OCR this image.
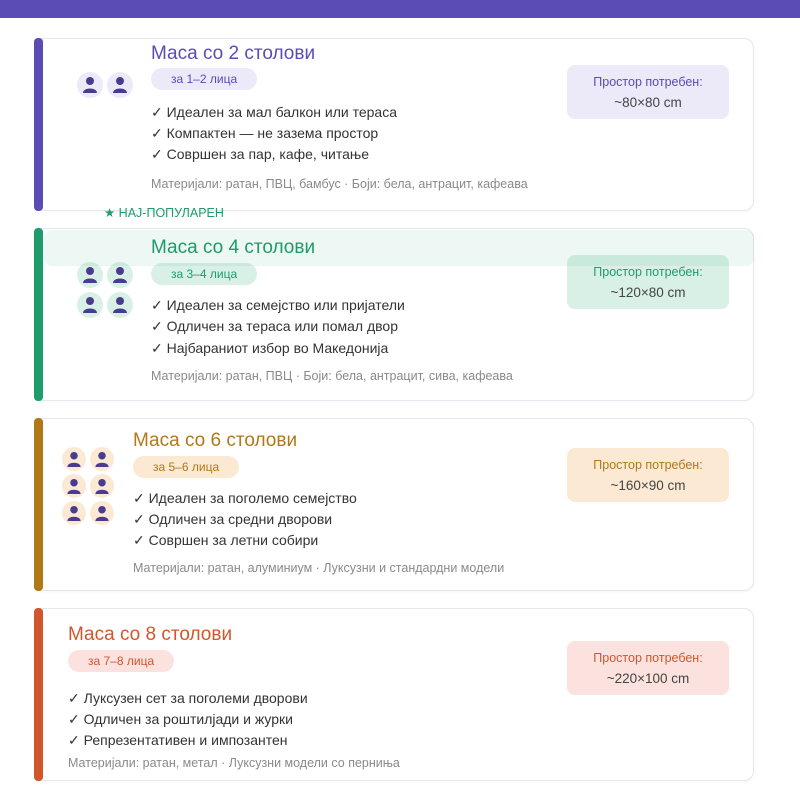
Маса со 2 столови
за 1–2 лица
✓ Идеален за мал балкон или тераса
✓ Компактен — не зазема простор
✓ Совршен за пар, кафе, читање
Материјали: ратан, ПВЦ, бамбус · Боји: бела, антрацит, кафеава
Простор потребен:
~80×80 cm
★ НАЈ-ПОПУЛАРЕН
Маса со 4 столови
за 3–4 лица
✓ Идеален за семејство или пријатели
✓ Одличен за тераса или помал двор
✓ Најбараниот избор во Македонија
Материјали: ратан, ПВЦ · Боји: бела, антрацит, сива, кафеава
Простор потребен:
~120×80 cm
Маса со 6 столови
за 5–6 лица
✓ Идеален за поголемо семејство
✓ Одличен за средни дворови
✓ Совршен за летни собири
Материјали: ратан, алуминиум · Луксузни и стандардни модели
Простор потребен:
~160×90 cm
Маса со 8 столови
за 7–8 лица
✓ Луксузен сет за поголеми дворови
✓ Одличен за роштилјади и журки
✓ Репрезентативен и импозантен
Материјали: ратан, метал · Луксузни модели со перниња
Простор потребен:
~220×100 cm
